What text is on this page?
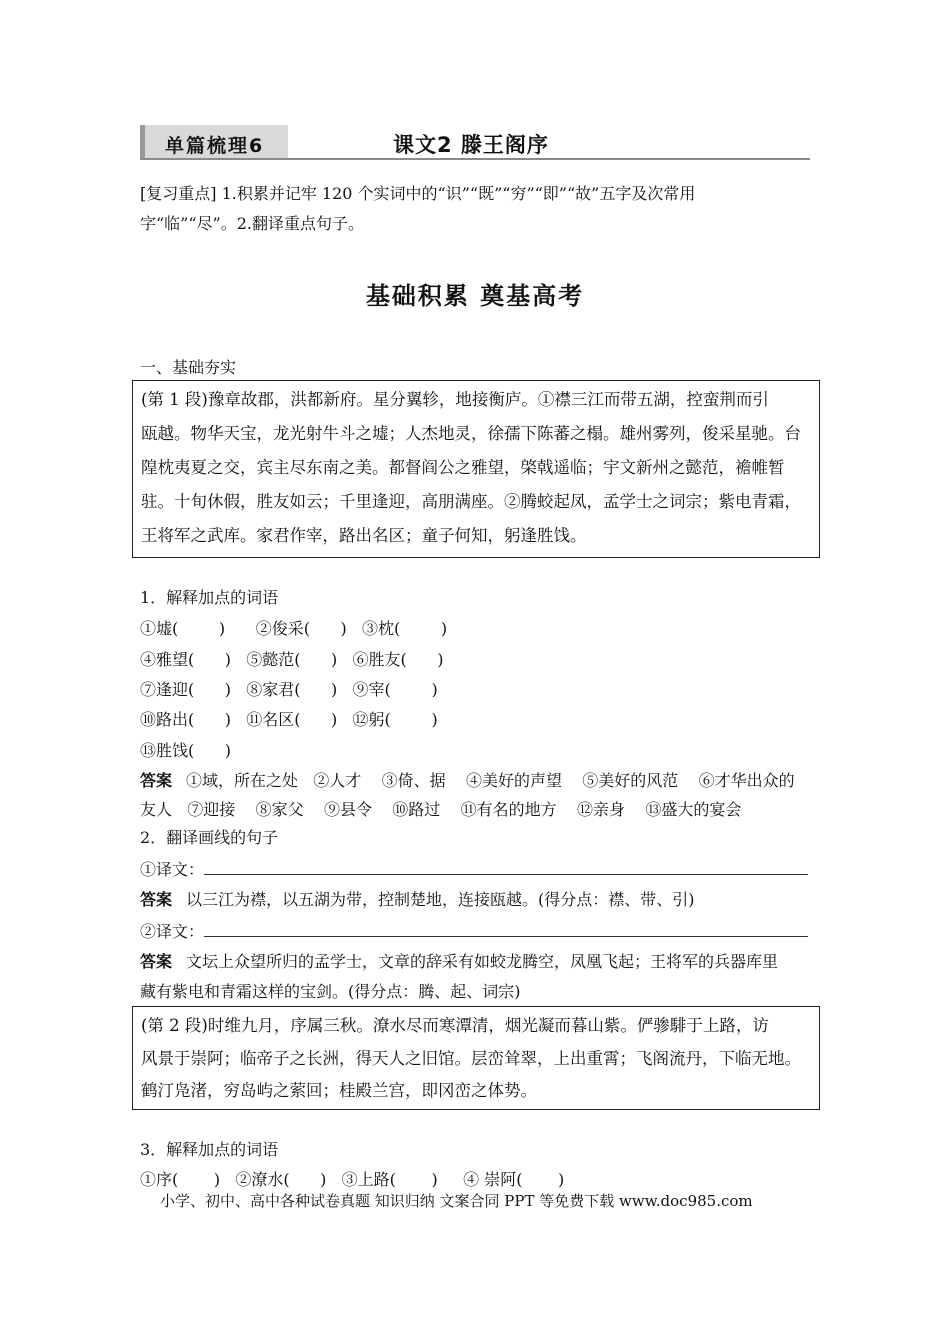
单篇梳理6	课文2 滕王阁序
[复习重点] 1.积累并记牢 120 个实词中的“识”“既”“穷”“即”“故”五字及次常用
字“临”“尽”。2.翻译重点句子。
基础积累 奠基高考
一、基础夯实
(第 1 段)豫章故郡，洪都新府。星分翼轸，地接衡庐。①襟三江而带五湖，控蛮荆而引
瓯越。物华天宝，龙光射牛斗之墟；人杰地灵，徐孺下陈蕃之榻。雄州雾列，俊采星驰。台
隍枕夷夏之交，宾主尽东南之美。都督阎公之雅望，棨戟遥临；宇文新州之懿范，襜帷暂
驻。十旬休假，胜友如云；千里逢迎，高朋满座。②腾蛟起凤，孟学士之词宗；紫电青霜，
王将军之武库。家君作宰，路出名区；童子何知，躬逢胜饯。
1．解释加点的词语
①墟(        )      ②俊采(      )   ③枕(        )
④雅望(      )   ⑤懿范(      )   ⑥胜友(      )
⑦逢迎(      )   ⑧家君(      )   ⑨宰(        )
⑩路出(      )   ⑪名区(      )   ⑫躬(        )
⑬胜饯(      )
答案 ①域，所在之处   ②人才    ③倚、据    ④美好的声望    ⑤美好的风范    ⑥才华出众的
友人   ⑦迎接    ⑧家父    ⑨县令    ⑩路过    ⑪有名的地方    ⑫亲身    ⑬盛大的宴会
2．翻译画线的句子
①译文：
答案 以三江为襟，以五湖为带，控制楚地，连接瓯越。(得分点：襟、带、引)
②译文：
答案 文坛上众望所归的孟学士，文章的辞采有如蛟龙腾空，凤凰飞起；王将军的兵器库里
藏有紫电和青霜这样的宝剑。(得分点：腾、起、词宗)
(第 2 段)时维九月，序属三秋。潦水尽而寒潭清，烟光凝而暮山紫。俨骖騑于上路，访
风景于崇阿；临帝子之长洲，得天人之旧馆。层峦耸翠，上出重霄；飞阁流丹，下临无地。
鹤汀凫渚，穷岛屿之萦回；桂殿兰宫，即冈峦之体势。
3．解释加点的词语
①序(       )   ②潦水(      )   ③上路(       )     ④ 崇阿(       )
小学、初中、高中各种试卷真题 知识归纳 文案合同 PPT 等免费下载 www.doc985.com
